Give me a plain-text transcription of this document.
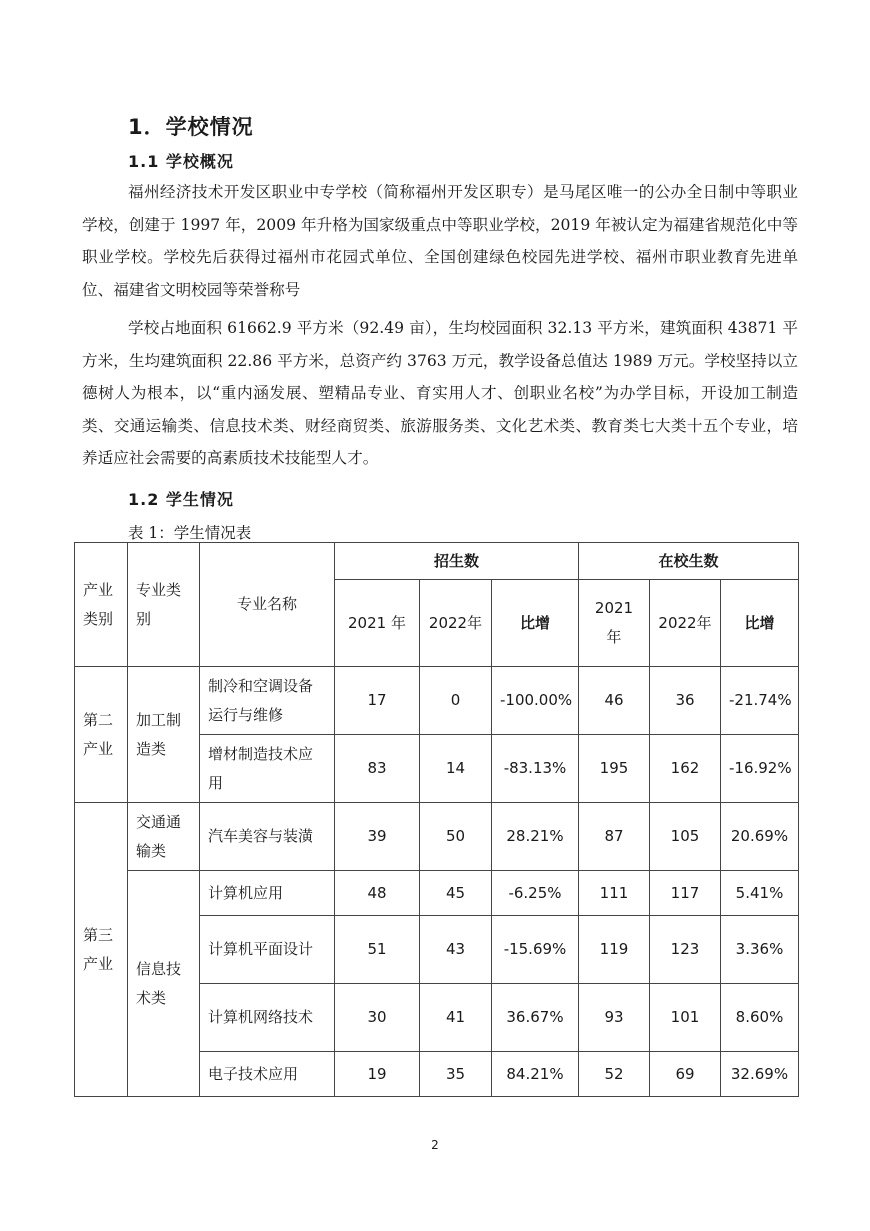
1．学校情况
1.1 学校概况

福州经济技术开发区职业中专学校（简称福州开发区职专）是马尾区唯一的公办全日制中等职业学校，创建于 1997 年，2009 年升格为国家级重点中等职业学校，2019 年被认定为福建省规范化中等职业学校。学校先后获得过福州市花园式单位、全国创建绿色校园先进学校、福州市职业教育先进单位、福建省文明校园等荣誉称号

学校占地面积 61662.9 平方米（92.49 亩），生均校园面积 32.13 平方米，建筑面积 43871 平方米，生均建筑面积 22.86 平方米，总资产约 3763 万元，教学设备总值达 1989 万元。学校坚持以立德树人为根本，以“重内涵发展、塑精品专业、育实用人才、创职业名校”为办学目标，开设加工制造类、交通运输类、信息技术类、财经商贸类、旅游服务类、文化艺术类、教育类七大类十五个专业，培养适应社会需要的高素质技术技能型人才。

1.2 学生情况
表 1：学生情况表
产业类别	专业类别	专业名称	招生数			在校生数		
			2021 年	2022年	比增	2021 年	2022年	比增
第二产业	加工制造类	制冷和空调设备运行与维修	17	0	-100.00%	46	36	-21.74%
		增材制造技术应用	83	14	-83.13%	195	162	-16.92%
第三产业	交通通输类	汽车美容与装潢	39	50	28.21%	87	105	20.69%
	信息技术类	计算机应用	48	45	-6.25%	111	117	5.41%
		计算机平面设计	51	43	-15.69%	119	123	3.36%
		计算机网络技术	30	41	36.67%	93	101	8.60%
		电子技术应用	19	35	84.21%	52	69	32.69%
2
